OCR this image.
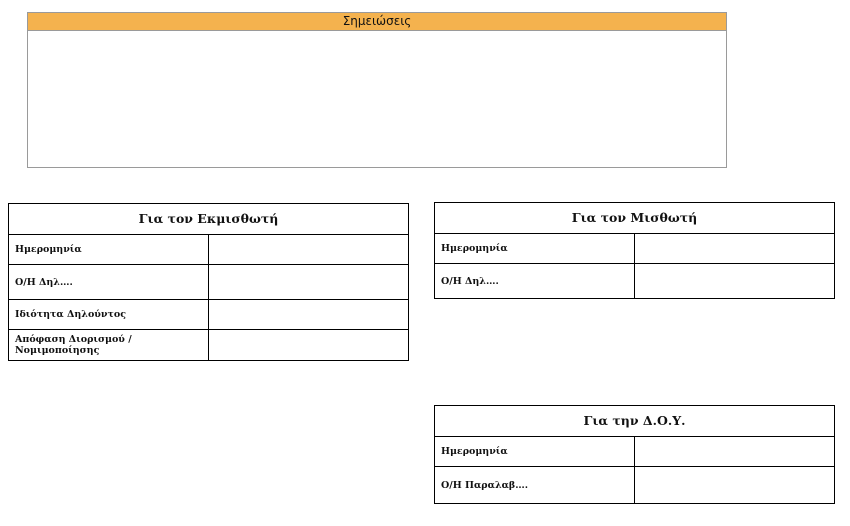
Σημειώσεις
Για τον Εκμισθωτή
Ημερομηνία
Ο/Η Δηλ….
Ιδιότητα Δηλούντος
Απόφαση Διορισμού / Νομιμοποίησης
Για τον Μισθωτή
Ημερομηνία
Ο/Η Δηλ….
Για την Δ.Ο.Υ.
Ημερομηνία
Ο/Η Παραλαβ….
